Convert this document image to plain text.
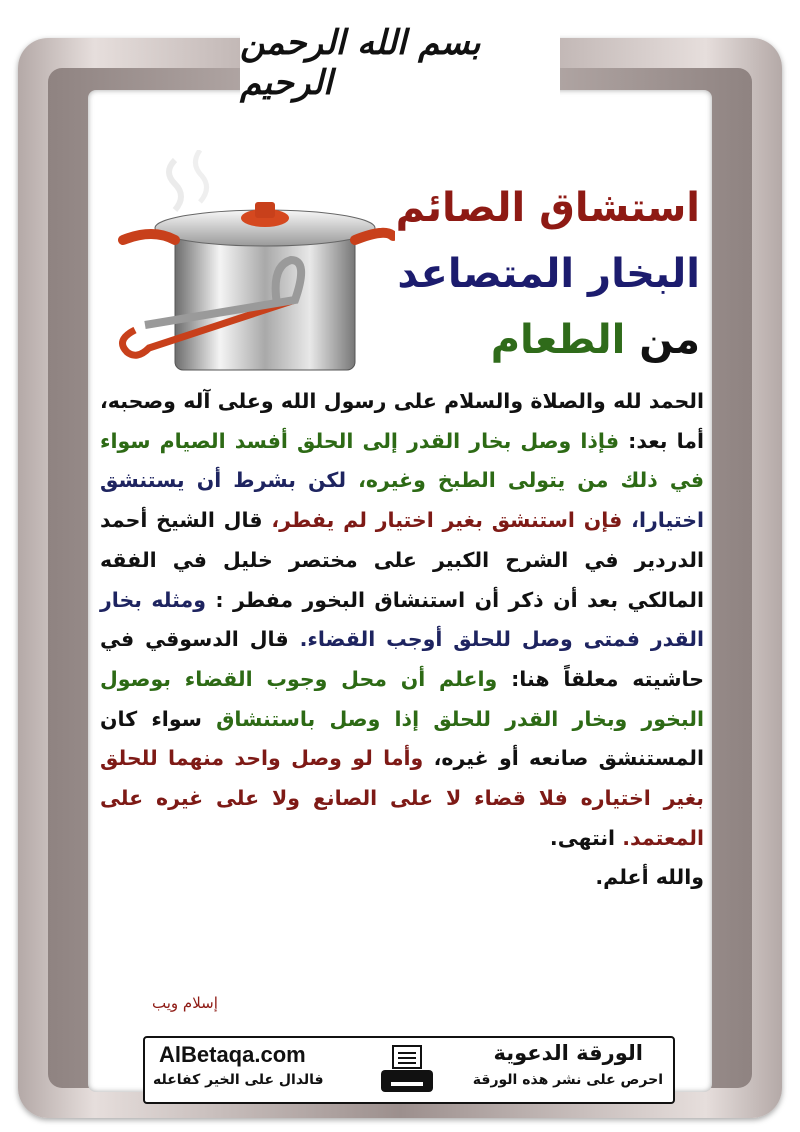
بسم الله الرحمن الرحيم
استشاق الصائم
البخار المتصاعد
من الطعام
الحمد لله والصلاة والسلام على رسول الله وعلى آله وصحبه، أما بعد: فإذا وصل بخار القدر إلى الحلق أفسد الصيام سواء في ذلك من يتولى الطبخ وغيره، لكن بشرط أن يستنشق اختيارا، فإن استنشق بغير اختيار لم يفطر، قال الشيخ أحمد الدردير في الشرح الكبير على مختصر خليل في الفقه المالكي بعد أن ذكر أن استنشاق البخور مفطر : ومثله بخار القدر فمتى وصل للحلق أوجب القضاء. قال الدسوقي في حاشيته معلقاً هنا: واعلم أن محل وجوب القضاء بوصول البخور وبخار القدر للحلق إذا وصل باستنشاق سواء كان المستنشق صانعه أو غيره، وأما لو وصل واحد منهما للحلق بغير اختياره فلا قضاء لا على الصانع ولا على غيره على المعتمد. انتهى.
والله أعلم.
إسلام ويب
AlBetaqa.com
فالدال على الخير كفاعله
الورقة الدعوية
احرص على نشر هذه الورقة
